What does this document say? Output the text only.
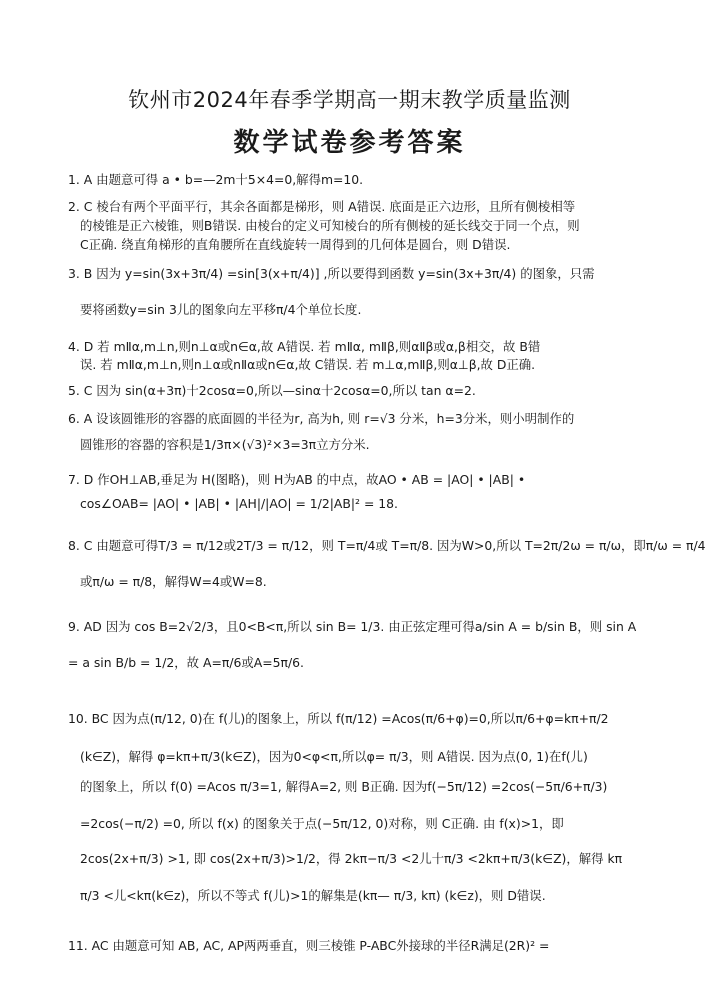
钦州市2024年春季学期高一期末教学质量监测
数学试卷参考答案
1. A 由题意可得 a • b=—2m十5×4=0,解得m=10.
2. C 棱台有两个平面平行，其余各面都是梯形，则 A错误. 底面是正六边形，且所有侧棱相等
的棱锥是正六棱锥，则B错误. 由棱台的定义可知棱台的所有侧棱的延长线交于同一个点，则
C正确. 绕直角梯形的直角腰所在直线旋转一周得到的几何体是圆台，则 D错误.
3. B 因为 y=sin(3x+3π/4) =sin[3(x+π/4)] ,所以要得到函数 y=sin(3x+3π/4) 的图象，只需
要将函数y=sin 3儿的图象向左平移π/4个单位长度.
4. D 若 mⅡα,m⊥n,则n⊥α或n∈α,故 A错误. 若 mⅡα, mⅡβ,则αⅡβ或α,β相交，故 B错
误. 若 mⅡα,m⊥n,则n⊥α或nⅡα或n∈α,故 C错误. 若 m⊥α,mⅡβ,则α⊥β,故 D正确.
5. C 因为 sin(α+3π)十2cosα=0,所以—sinα十2cosα=0,所以 tan α=2.
6. A 设该圆锥形的容器的底面圆的半径为r, 高为h, 则 r=√3 分米，h=3分米，则小明制作的
圆锥形的容器的容积是1/3π×(√3)²×3=3π立方分米.
7. D 作OH⊥AB,垂足为 H(图略)，则 H为AB 的中点，故AO • AB = |AO| • |AB| •
cos∠OAB= |AO| • |AB| • |AH|/|AO| = 1/2|AB|² = 18.
8. C 由题意可得T/3 = π/12或2T/3 = π/12，则 T=π/4或 T=π/8. 因为W>0,所以 T=2π/2ω = π/ω，即π/ω = π/4
或π/ω = π/8，解得W=4或W=8.
9. AD 因为 cos B=2√2/3，且0<B<π,所以 sin B= 1/3. 由正弦定理可得a/sin A = b/sin B，则 sin A
= a sin B/b = 1/2，故 A=π/6或A=5π/6.
10. BC 因为点(π/12, 0)在 f(儿)的图象上，所以 f(π/12) =Acos(π/6+φ)=0,所以π/6+φ=kπ+π/2
(k∈Z)，解得 φ=kπ+π/3(k∈Z)，因为0<φ<π,所以φ= π/3，则 A错误. 因为点(0, 1)在f(儿)
的图象上，所以 f(0) =Acos π/3=1, 解得A=2, 则 B正确. 因为f(−5π/12) =2cos(−5π/6+π/3)
=2cos(−π/2) =0, 所以 f(x) 的图象关于点(−5π/12, 0)对称，则 C正确. 由 f(x)>1，即
2cos(2x+π/3) >1, 即 cos(2x+π/3)>1/2，得 2kπ−π/3 <2儿十π/3 <2kπ+π/3(k∈Z)，解得 kπ
π/3 <儿<kπ(k∈z)，所以不等式 f(儿)>1的解集是(kπ— π/3, kπ) (k∈z)，则 D错误.
11. AC 由题意可知 AB, AC, AP两两垂直，则三棱锥 P-ABC外接球的半径R满足(2R)² =
